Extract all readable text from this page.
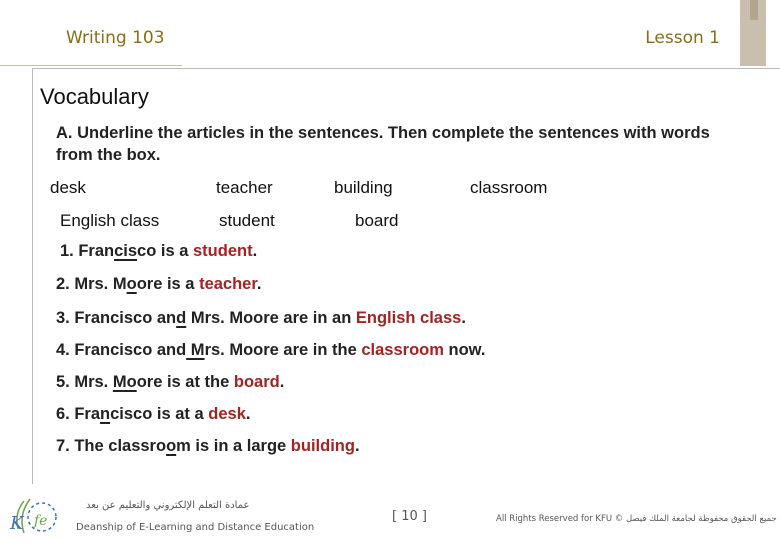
Writing 103	Lesson 1
Vocabulary
A. Underline the articles in the sentences. Then complete the sentences with words from the box.
desk	teacher	building	classroom
English class	student	board
1. Francisco is a student.
2. Mrs. Moore is a teacher.
3. Francisco and Mrs. Moore are in an English class.
4. Francisco and Mrs. Moore are in the classroom now.
5. Mrs. Moore is at the board.
6. Francisco is at a desk.
7. The classroom is in a large building.
K fe
عمادة التعلم الإلكتروني والتعليم عن بعد
Deanship of E-Learning and Distance Education
[ 10 ]	All Rights Reserved for KFU © جميع الحقوق محفوظة لجامعة الملك فيصل
